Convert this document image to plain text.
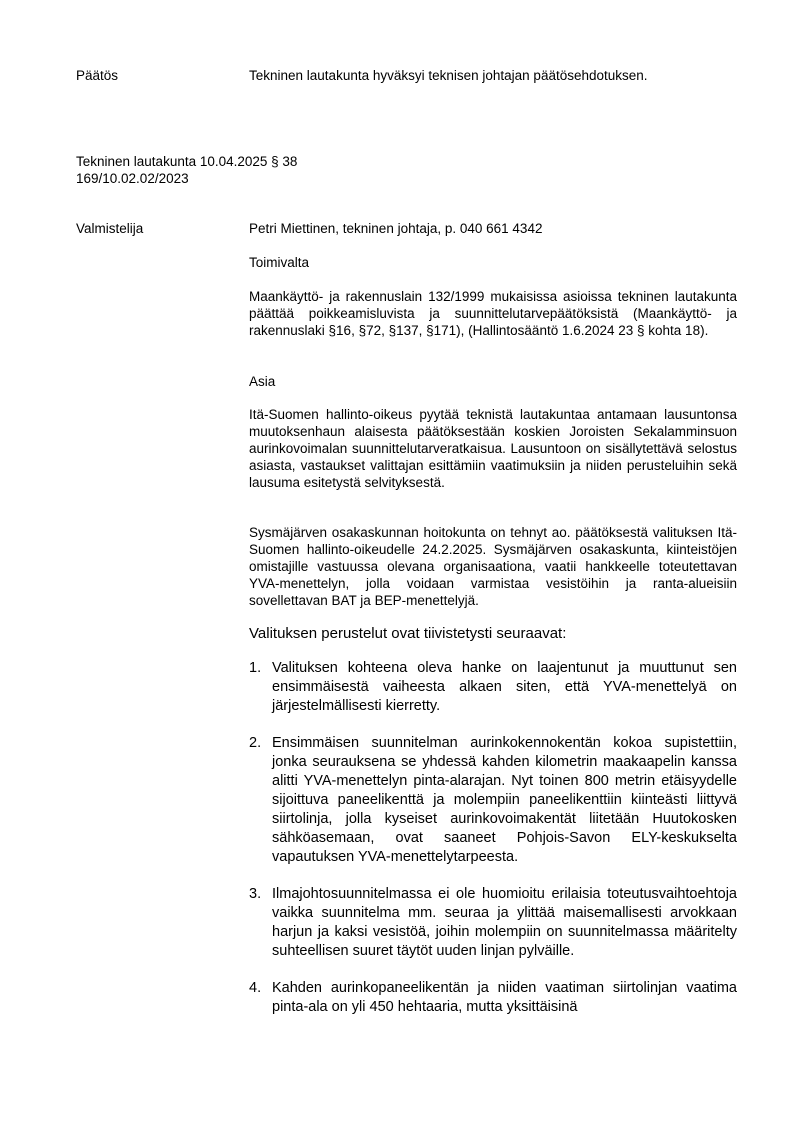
Päätös	Tekninen lautakunta hyväksyi teknisen johtajan päätösehdotuksen.
Tekninen lautakunta 10.04.2025 § 38
169/10.02.02/2023
Valmistelija	Petri Miettinen, tekninen johtaja, p. 040 661 4342
Toimivalta

Maankäyttö- ja rakennuslain 132/1999 mukaisissa asioissa tekninen lautakunta päättää poikkeamisluvista ja suunnittelutarvepäätöksistä (Maankäyttö- ja rakennuslaki §16, §72, §137, §171), (Hallintosääntö 1.6.2024 23 § kohta 18).

Asia

Itä-Suomen hallinto-oikeus pyytää teknistä lautakuntaa antamaan lausuntonsa muutoksenhaun alaisesta päätöksestään koskien Joroisten Sekalamminsuon aurinkovoimalan suunnittelutarveratkaisua. Lausuntoon on sisällytettävä selostus asiasta, vastaukset valittajan esittämiin vaatimuksiin ja niiden perusteluihin sekä lausuma esitetystä selvityksestä.

Sysmäjärven osakaskunnan hoitokunta on tehnyt ao. päätöksestä valituksen Itä-Suomen hallinto-oikeudelle 24.2.2025. Sysmäjärven osakaskunta, kiinteistöjen omistajille vastuussa olevana organisaationa, vaatii hankkeelle toteutettavan YVA-menettelyn, jolla voidaan varmistaa vesistöihin ja ranta-alueisiin sovellettavan BAT ja BEP-menettelyjä.

Valituksen perustelut ovat tiivistetysti seuraavat:
1. Valituksen kohteena oleva hanke on laajentunut ja muuttunut sen ensimmäisestä vaiheesta alkaen siten, että YVA-menettelyä on järjestelmällisesti kierretty.
2. Ensimmäisen suunnitelman aurinkokennokentän kokoa supistettiin, jonka seurauksena se yhdessä kahden kilometrin maakaapelin kanssa alitti YVA-menettelyn pinta-alarajan. Nyt toinen 800 metrin etäisyydelle sijoittuva paneelikenttä ja molempiin paneelikenttiin kiinteästi liittyvä siirtolinja, jolla kyseiset aurinkovoimakentät liitetään Huutokosken sähköasemaan, ovat saaneet Pohjois-Savon ELY-keskukselta vapautuksen YVA-menettelytarpeesta.
3. Ilmajohtosuunnitelmassa ei ole huomioitu erilaisia toteutusvaihtoehtoja vaikka suunnitelma mm. seuraa ja ylittää maisemallisesti arvokkaan harjun ja kaksi vesistöä, joihin molempiin on suunnitelmassa määritelty suhteellisen suuret täytöt uuden linjan pylväille.
4. Kahden aurinkopaneelikentän ja niiden vaatiman siirtolinjan vaatima pinta-ala on yli 450 hehtaaria, mutta yksittäisinä
